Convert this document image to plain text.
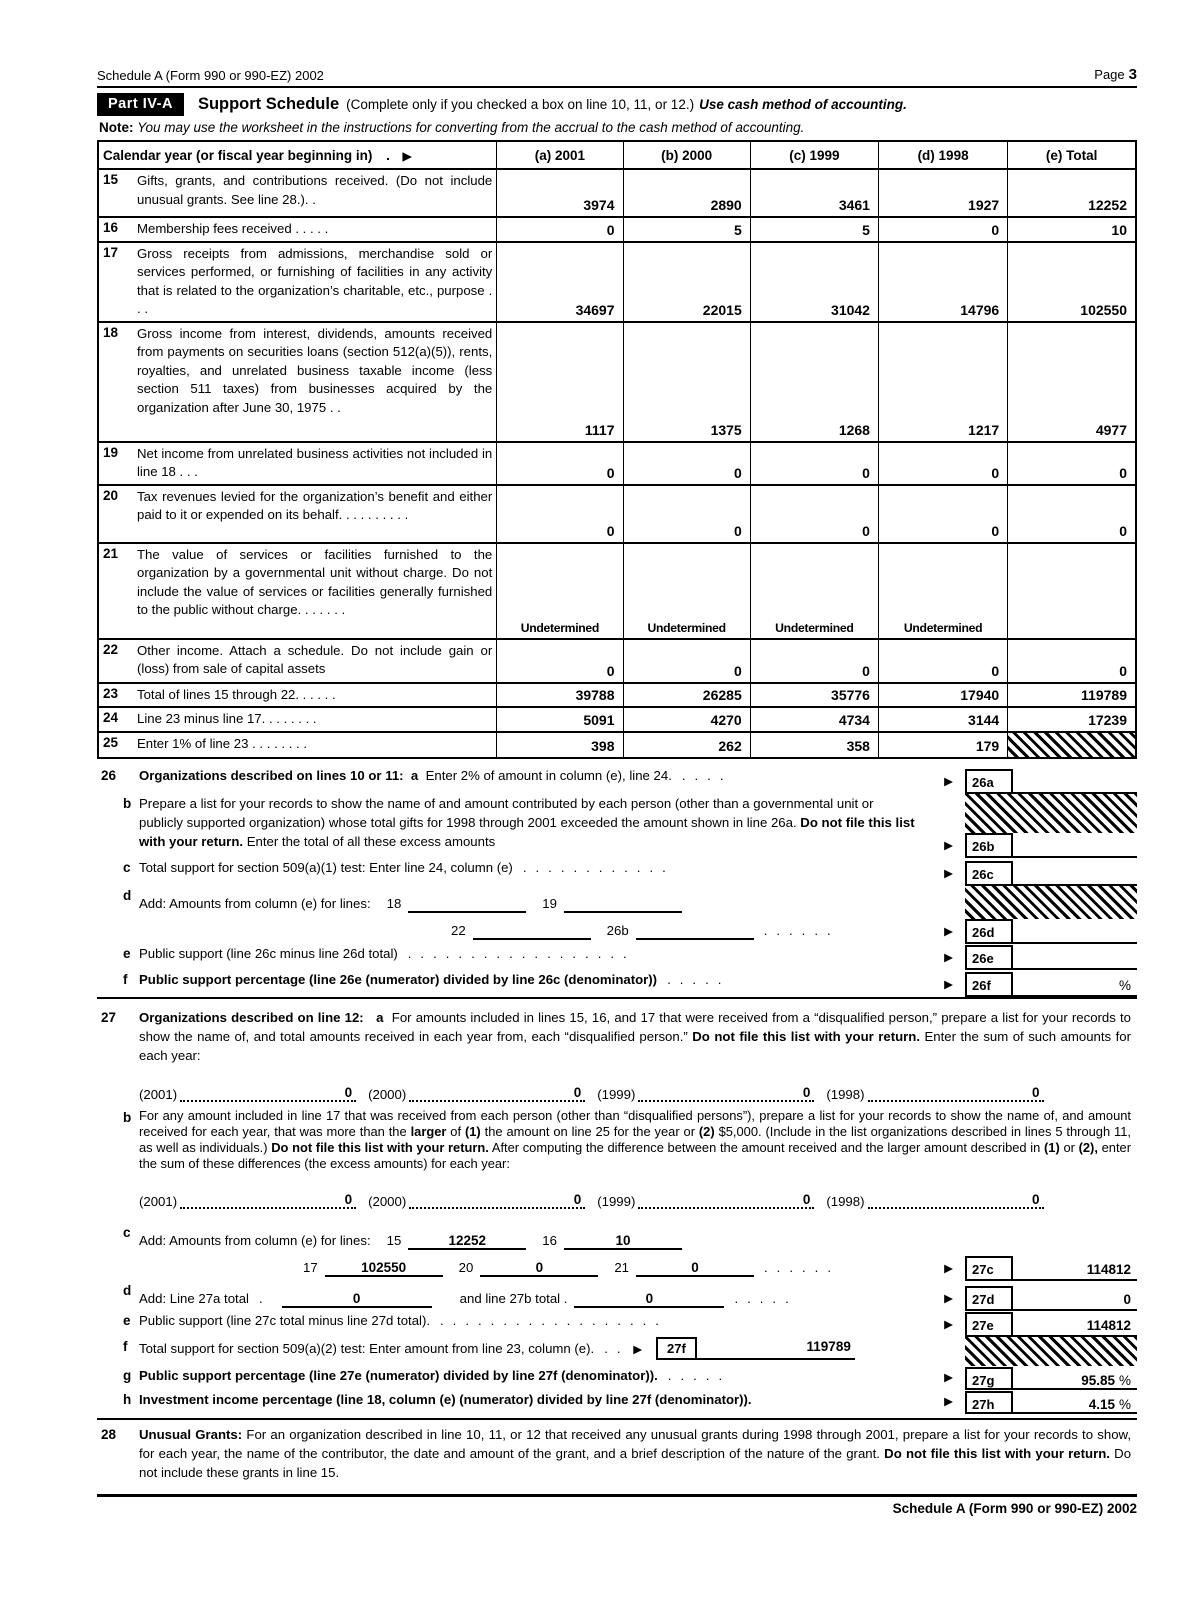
Schedule A (Form 990 or 990-EZ) 2002	Page 3
Part IV-A	Support Schedule (Complete only if you checked a box on line 10, 11, or 12.) Use cash method of accounting.
Note: You may use the worksheet in the instructions for converting from the accrual to the cash method of accounting.
Calendar year (or fiscal year beginning in) . ▶	(a) 2001	(b) 2000	(c) 1999	(d) 1998	(e) Total

15 Gifts, grants, and contributions received. (Do not include unusual grants. See line 28.). .	3974	2890	3461	1927	12252

16 Membership fees received . . . . .	0	5	5	0	10

17 Gross receipts from admissions, merchandise sold or services performed, or furnishing of facilities in any activity that is related to the organization’s charitable, etc., purpose . . .	34697	22015	31042	14796	102550

18 Gross income from interest, dividends, amounts received from payments on securities loans (section 512(a)(5)), rents, royalties, and unrelated business taxable income (less section 511 taxes) from businesses acquired by the organization after June 30, 1975 . .	1117	1375	1268	1217	4977

19 Net income from unrelated business activities not included in line 18 . . .	0	0	0	0	0

20 Tax revenues levied for the organization’s benefit and either paid to it or expended on its behalf. . . . . . . . . .	0	0	0	0	0

21 The value of services or facilities furnished to the organization by a governmental unit without charge. Do not include the value of services or facilities generally furnished to the public without charge. . . . . . .	Undetermined	Undetermined	Undetermined	Undetermined	

22 Other income. Attach a schedule. Do not include gain or (loss) from sale of capital assets	0	0	0	0	0

23 Total of lines 15 through 22. . . . . .	39788	26285	35776	17940	119789

24 Line 23 minus line 17. . . . . . . .	5091	4270	4734	3144	17239

25 Enter 1% of line 23 . . . . . . . .	398	262	358	179	
26	Organizations described on lines 10 or 11: a Enter 2% of amount in column (e), line 24. ....	▶	26a
b Prepare a list for your records to show the name of and amount contributed by each person (other than a governmental unit or publicly supported organization) whose total gifts for 1998 through 2001 exceeded the amount shown in line 26a. Do not file this list with your return. Enter the total of all these excess amounts	▶	26b
c Total support for section 509(a)(1) test: Enter line 24, column (e) ............	▶	26c
d
Add: Amounts from column (e) for lines: 18	19
22	26b	......	▶	26d
e Public support (line 26c minus line 26d total) ..................	▶	26e
f Public support percentage (line 26e (numerator) divided by line 26c (denominator)) .....	▶	26f	%
27	Organizations described on line 12: a For amounts included in lines 15, 16, and 17 that were received from a “disqualified person,” prepare a list for your records to show the name of, and total amounts received in each year from, each “disqualified person.” Do not file this list with your return. Enter the sum of such amounts for each year:
(2001)	0 (2000)	0 (1999)	0 (1998)	0
b For any amount included in line 17 that was received from each person (other than “disqualified persons”), prepare a list for your records to show the name of, and amount received for each year, that was more than the larger of (1) the amount on line 25 for the year or (2) $5,000. (Include in the list organizations described in lines 5 through 11, as well as individuals.) Do not file this list with your return. After computing the difference between the amount received and the larger amount described in (1) or (2), enter the sum of these differences (the excess amounts) for each year:
(2001)	0 (2000)	0 (1999)	0 (1998)	0
c
Add: Amounts from column (e) for lines: 15	12252	16	10
17	102550	20	0	21	0	......	▶	27c	114812
d
Add: Line 27a total .	0	and line 27b total .	0	.....	▶	27d	0
e Public support (line 27c total minus line 27d total). ..................	▶	27e	114812
f Total support for section 509(a)(2) test: Enter amount from line 23, column (e). .. ▶	27f	119789
g Public support percentage (line 27e (numerator) divided by line 27f (denominator)). .....	▶	27g	95.85 %
h Investment income percentage (line 18, column (e) (numerator) divided by line 27f (denominator)).	▶	27h	4.15 %
28	Unusual Grants: For an organization described in line 10, 11, or 12 that received any unusual grants during 1998 through 2001, prepare a list for your records to show, for each year, the name of the contributor, the date and amount of the grant, and a brief description of the nature of the grant. Do not file this list with your return. Do not include these grants in line 15.
Schedule A (Form 990 or 990-EZ) 2002
